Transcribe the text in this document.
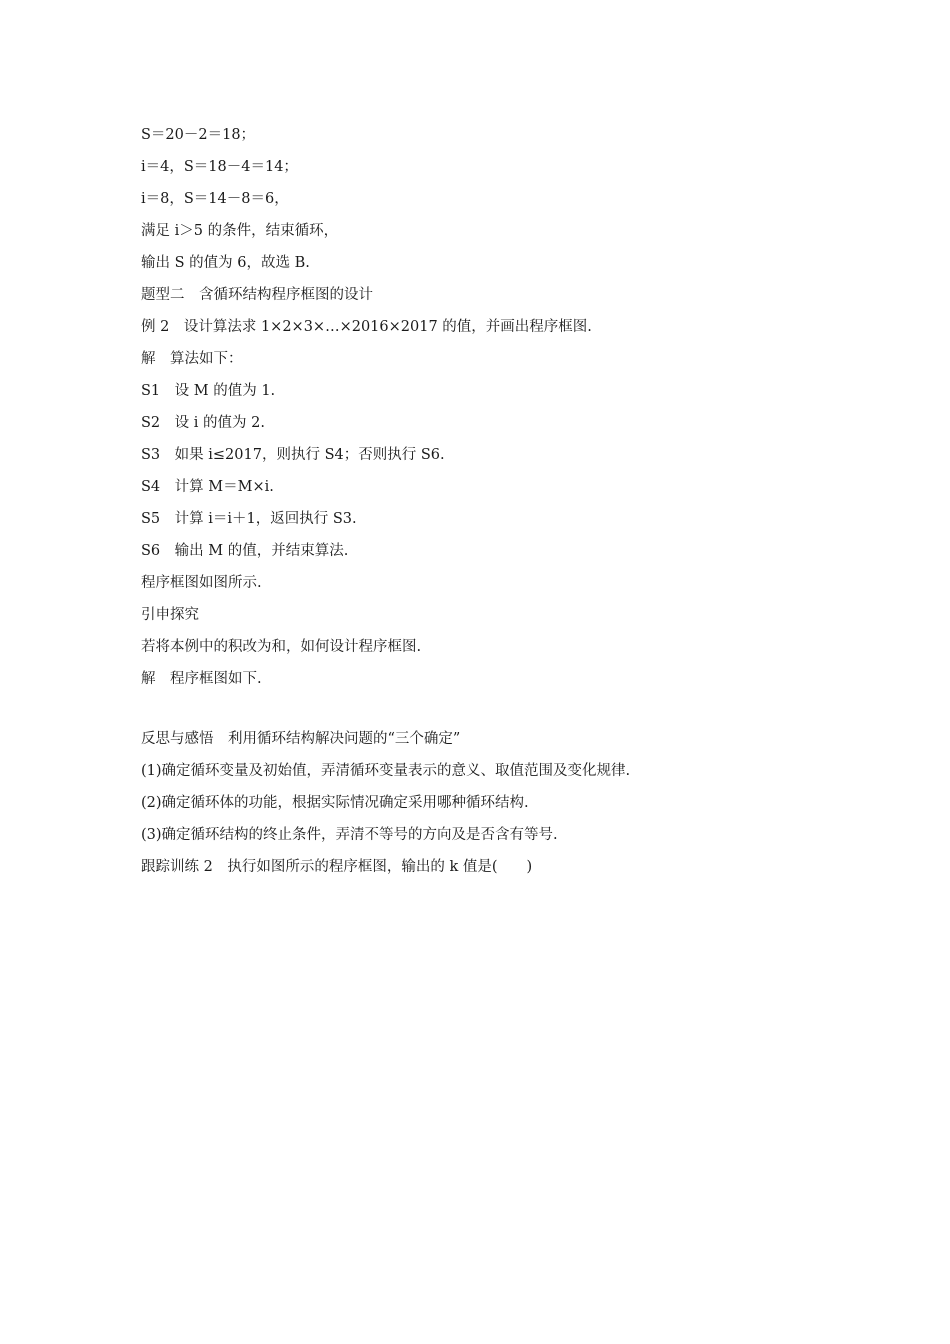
S＝20－2＝18；
i＝4，S＝18－4＝14；
i＝8，S＝14－8＝6，
满足 i＞5 的条件，结束循环，
输出 S 的值为 6，故选 B.
题型二　含循环结构程序框图的设计
例 2　设计算法求 1×2×3×…×2016×2017 的值，并画出程序框图.
解　算法如下：
S1　设 M 的值为 1.
S2　设 i 的值为 2.
S3　如果 i≤2017，则执行 S4；否则执行 S6.
S4　计算 M＝M×i.
S5　计算 i＝i＋1，返回执行 S3.
S6　输出 M 的值，并结束算法.
程序框图如图所示.
引申探究
若将本例中的积改为和，如何设计程序框图.
解　程序框图如下.
反思与感悟　利用循环结构解决问题的“三个确定”
(1)确定循环变量及初始值，弄清循环变量表示的意义、取值范围及变化规律.
(2)确定循环体的功能，根据实际情况确定采用哪种循环结构.
(3)确定循环结构的终止条件，弄清不等号的方向及是否含有等号.
跟踪训练 2　执行如图所示的程序框图，输出的 k 值是(　　)
